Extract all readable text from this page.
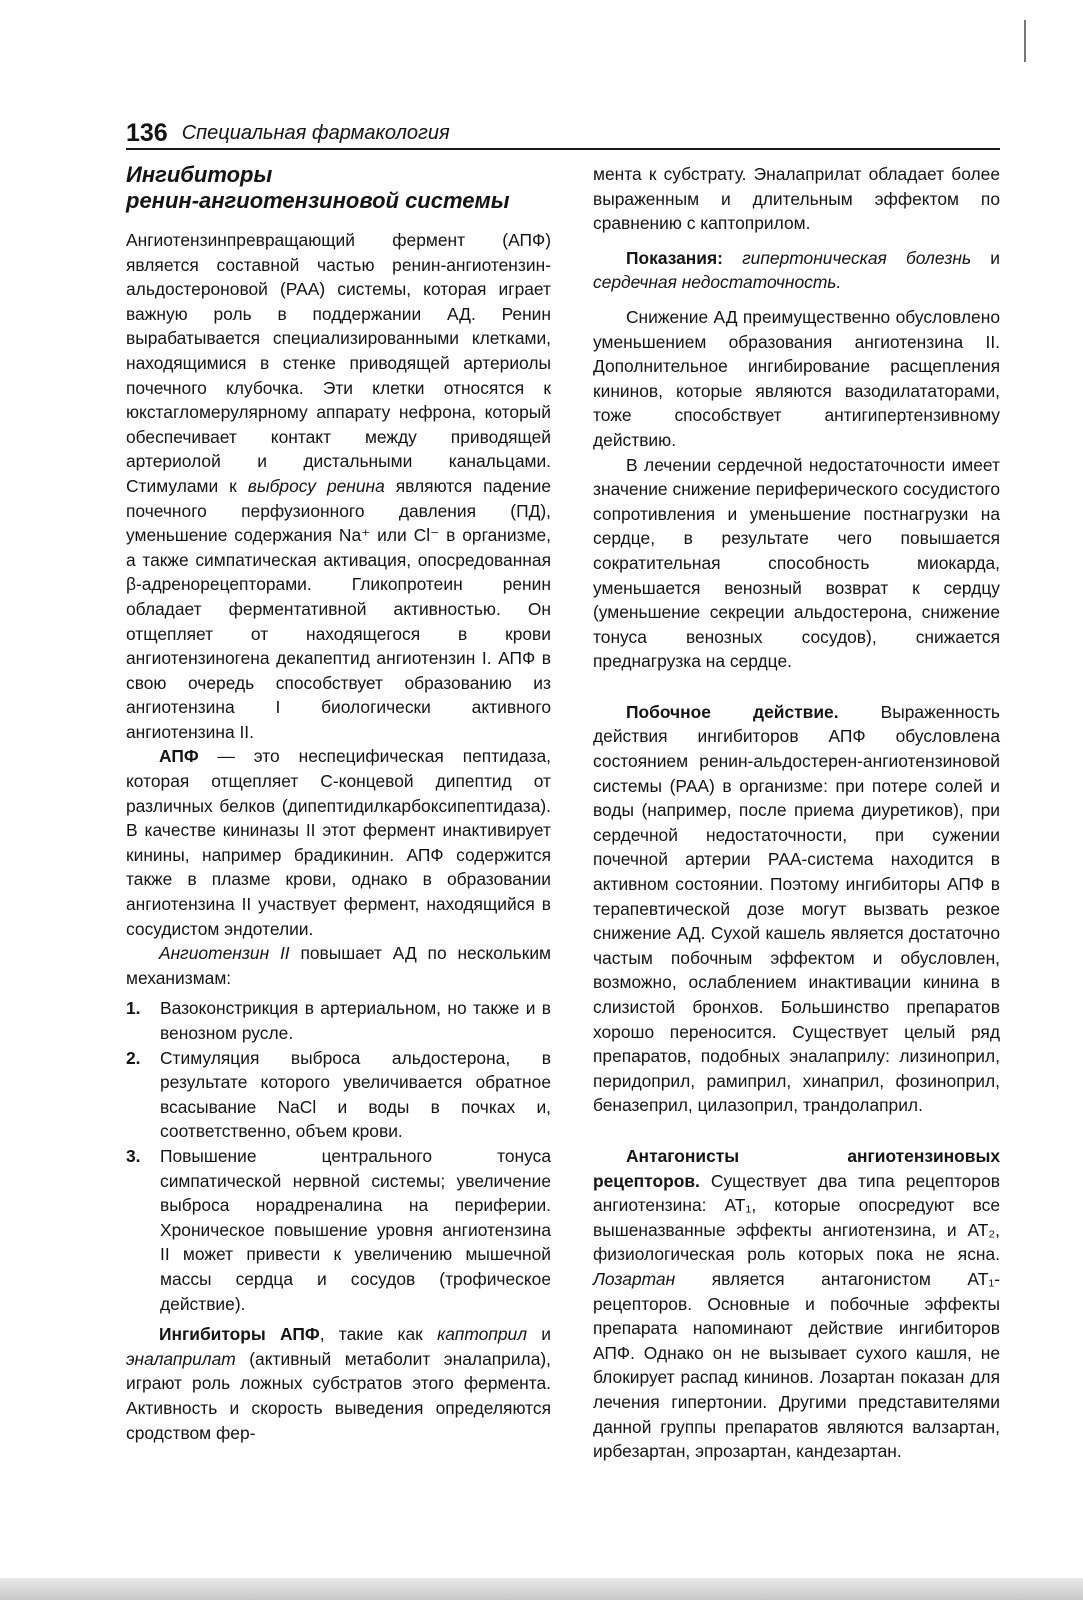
136 Специальная фармакология
Ингибиторы
ренин-ангиотензиновой системы

Ангиотензинпревращающий фермент (АПФ) является составной частью ренин-ангиотензин-альдостероновой (РАА) системы, которая играет важную роль в поддержании АД. Ренин вырабатывается специализированными клетками, находящимися в стенке приводящей артериолы почечного клубочка. Эти клетки относятся к юкстагломерулярному аппарату нефрона, который обеспечивает контакт между приводящей артериолой и дистальными канальцами. Стимулами к выбросу ренина являются падение почечного перфузионного давления (ПД), уменьшение содержания Na⁺ или Cl⁻ в организме, а также симпатическая активация, опосредованная β-адренорецепторами. Гликопротеин ренин обладает ферментативной активностью. Он отщепляет от находящегося в крови ангиотензиногена декапептид ангиотензин I. АПФ в свою очередь способствует образованию из ангиотензина I биологически активного ангиотензина II.

АПФ — это неспецифическая пептидаза, которая отщепляет С-концевой дипептид от различных белков (дипептидилкарбоксипептидаза). В качестве кининазы II этот фермент инактивирует кинины, например брадикинин. АПФ содержится также в плазме крови, однако в образовании ангиотензина II участвует фермент, находящийся в сосудистом эндотелии.

Ангиотензин II повышает АД по нескольким механизмам:

1.	Вазоконстрикция в артериальном, но также и в венозном русле.
2.	Стимуляция выброса альдостерона, в результате которого увеличивается обратное всасывание NaCl и воды в почках и, соответственно, объем крови.
3.	Повышение центрального тонуса симпатической нервной системы; увеличение выброса норадреналина на периферии. Хроническое повышение уровня ангиотензина II может привести к увеличению мышечной массы сердца и сосудов (трофическое действие).

Ингибиторы АПФ, такие как каптоприл и эналаприлат (активный метаболит эналаприла), играют роль ложных субстратов этого фермента. Активность и скорость выведения определяются сродством фер-

мента к субстрату. Эналаприлат обладает более выраженным и длительным эффектом по сравнению с каптоприлом.

Показания: гипертоническая болезнь и сердечная недостаточность.

Снижение АД преимущественно обусловлено уменьшением образования ангиотензина II. Дополнительное ингибирование расщепления кининов, которые являются вазодилататорами, тоже способствует антигипертензивному действию.

В лечении сердечной недостаточности имеет значение снижение периферического сосудистого сопротивления и уменьшение постнагрузки на сердце, в результате чего повышается сократительная способность миокарда, уменьшается венозный возврат к сердцу (уменьшение секреции альдостерона, снижение тонуса венозных сосудов), снижается преднагрузка на сердце.

Побочное действие. Выраженность действия ингибиторов АПФ обусловлена состоянием ренин-альдостерен-ангиотензиновой системы (РАА) в организме: при потере солей и воды (например, после приема диуретиков), при сердечной недостаточности, при сужении почечной артерии РАА-система находится в активном состоянии. Поэтому ингибиторы АПФ в терапевтической дозе могут вызвать резкое снижение АД. Сухой кашель является достаточно частым побочным эффектом и обусловлен, возможно, ослаблением инактивации кинина в слизистой бронхов. Большинство препаратов хорошо переносится. Существует целый ряд препаратов, подобных эналаприлу: лизиноприл, перидоприл, рамиприл, хинаприл, фозиноприл, беназеприл, цилазоприл, трандолаприл.

Антагонисты ангиотензиновых рецепторов. Существует два типа рецепторов ангиотензина: AT₁, которые опосредуют все вышеназванные эффекты ангиотензина, и AT₂, физиологическая роль которых пока не ясна. Лозартан является антагонистом AT₁-рецепторов. Основные и побочные эффекты препарата напоминают действие ингибиторов АПФ. Однако он не вызывает сухого кашля, не блокирует распад кининов. Лозартан показан для лечения гипертонии. Другими представителями данной группы препаратов являются валзартан, ирбезартан, эпрозартан, кандезартан.
